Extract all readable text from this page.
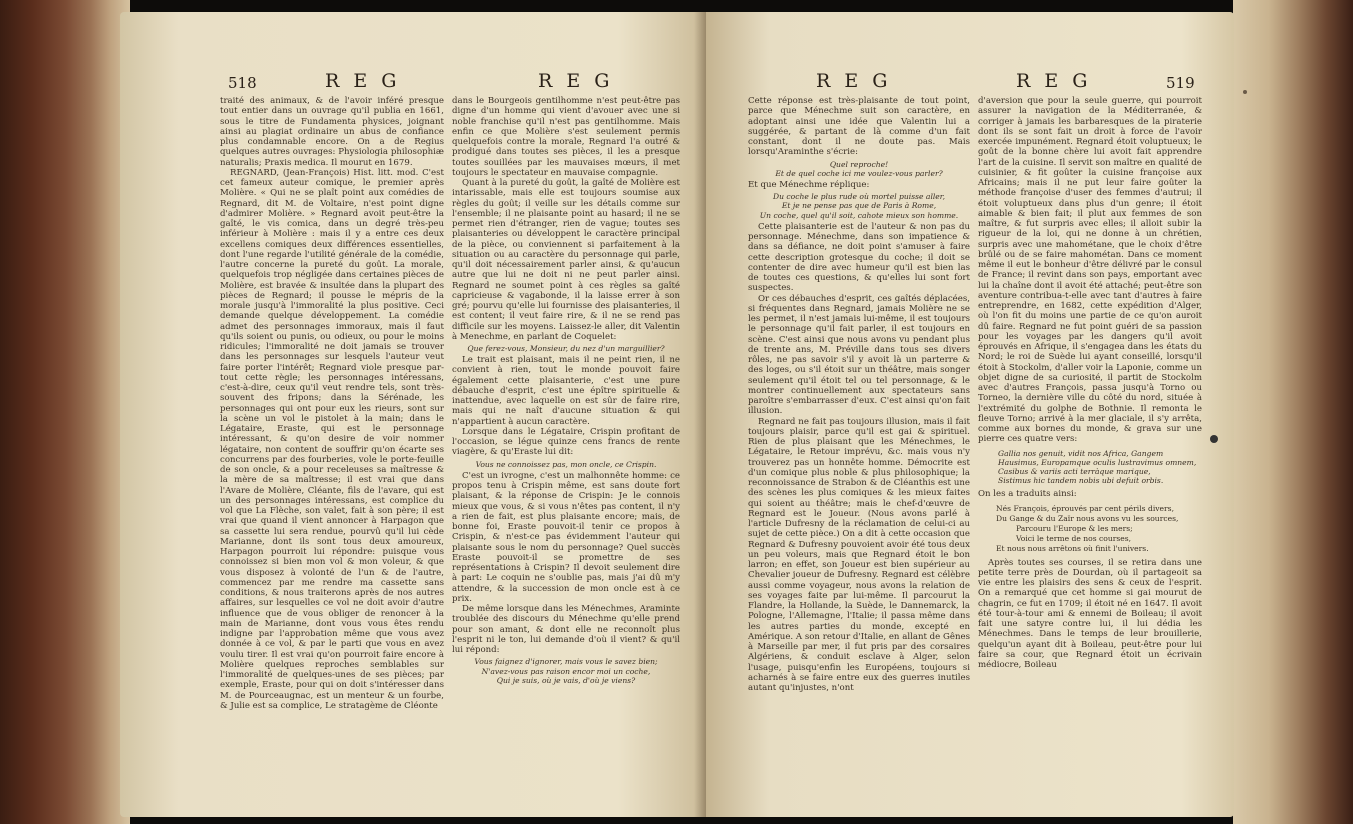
518	R E G	R E G

traité des animaux, & de l'avoir inféré presque tout entier dans un ouvrage qu'il publia en 1661, sous le titre de Fundamenta physices, joignant ainsi au plagiat ordinaire un abus de confiance plus condamnable encore. On a de Regius quelques autres ouvrages: Physiologia philosophiæ naturalis; Praxis medica. Il mourut en 1679.

REGNARD, (Jean-François) Hist. litt. mod. C'est cet fameux auteur comique, le premier après Molière. « Qui ne se plaît point aux comédies de Regnard, dit M. de Voltaire, n'est point digne d'admirer Molière. » Regnard avoit peut-être la gaîté, le vis comica, dans un degré très-peu inférieur à Molière : mais il y a entre ces deux excellens comiques deux différences essentielles, dont l'une regarde l'utilité générale de la comédie, l'autre concerne la pureté du goût. La morale, quelquefois trop négligée dans certaines pièces de Molière, est bravée & insultée dans la plupart des pièces de Regnard; il pousse le mépris de la morale jusqu'à l'immoralité la plus positive. Ceci demande quelque développement. La comédie admet des personnages immoraux, mais il faut qu'ils soient ou punis, ou odieux, ou pour le moins ridicules; l'immoralité ne doit jamais se trouver dans les personnages sur lesquels l'auteur veut faire porter l'intérêt; Regnard viole presque par-tout cette règle; les personnages intéressans, c'est-à-dire, ceux qu'il veut rendre tels, sont très-souvent des fripons; dans la Sérénade, les personnages qui ont pour eux les rieurs, sont sur la scène un vol le pistolet à la main; dans le Légataire, Eraste, qui est le personnage intéressant, & qu'on desire de voir nommer légataire, non content de souffrir qu'on écarte ses concurrens par des fourberies, vole le porte-feuille de son oncle, & a pour receleuses sa maîtresse & la mère de sa maîtresse; il est vrai que dans l'Avare de Molière, Cléante, fils de l'avare, qui est un des personnages intéressans, est complice du vol que La Flèche, son valet, fait à son père; il est vrai que quand il vient annoncer à Harpagon que sa cassette lui sera rendue, pourvû qu'il lui cède Marianne, dont ils sont tous deux amoureux, Harpagon pourroit lui répondre: puisque vous connoissez si bien mon vol & mon voleur, & que vous disposez à volonté de l'un & de l'autre, commencez par me rendre ma cassette sans conditions, & nous traiterons après de nos autres affaires, sur lesquelles ce vol ne doit avoir d'autre influence que de vous obliger de renoncer à la main de Marianne, dont vous vous êtes rendu indigne par l'approbation même que vous avez donnée à ce vol, & par le parti que vous en avez voulu tirer. Il est vrai qu'on pourroit faire encore à Molière quelques reproches semblables sur l'immoralité de quelques-unes de ses pièces; par exemple, Eraste, pour qui on doit s'intéresser dans M. de Pourceaugnac, est un menteur & un fourbe, & Julie est sa complice, Le stratagème de Cléonte

dans le Bourgeois gentilhomme n'est peut-être pas digne d'un homme qui vient d'avouer avec une si noble franchise qu'il n'est pas gentilhomme. Mais enfin ce que Molière s'est seulement permis quelquefois contre la morale, Regnard l'a outré & prodigué dans toutes ses pièces, il les a presque toutes souillées par les mauvaises mœurs, il met toujours le spectateur en mauvaise compagnie.

Quant à la pureté du goût, la gaîté de Molière est intarissable, mais elle est toujours soumise aux règles du goût; il veille sur les détails comme sur l'ensemble; il ne plaisante point au hasard; il ne se permet rien d'étranger, rien de vague; toutes ses plaisanteries ou développent le caractère principal de la pièce, ou conviennent si parfaitement à la situation ou au caractère du personnage qui parle, qu'il doit nécessairement parler ainsi, & qu'aucun autre que lui ne doit ni ne peut parler ainsi. Regnard ne soumet point à ces règles sa gaîté capricieuse & vagabonde, il la laisse errer à son gré; pourvu qu'elle lui fournisse des plaisanteries, il est content; il veut faire rire, & il ne se rend pas difficile sur les moyens. Laissez-le aller, dit Valentin à Menechme, en parlant de Coquelet:

Que ferez-vous, Monsieur, du nez d'un marguillier?

Le trait est plaisant, mais il ne peint rien, il ne convient à rien, tout le monde pouvoit faire également cette plaisanterie, c'est une pure débauche d'esprit, c'est une épître spirituelle & inattendue, avec laquelle on est sûr de faire rire, mais qui ne naît d'aucune situation & qui n'appartient à aucun caractère.

Lorsque dans le Légataire, Crispin profitant de l'occasion, se légue quinze cens francs de rente viagère, & qu'Eraste lui dit:

Vous ne connoissez pas, mon oncle, ce Crispin.

C'est un ivrogne, c'est un malhonnête homme: ce propos tenu à Crispin même, est sans doute fort plaisant, & la réponse de Crispin: Je le connois mieux que vous, & si vous n'êtes pas content, il n'y a rien de fait, est plus plaisante encore; mais, de bonne foi, Eraste pouvoit-il tenir ce propos à Crispin, & n'est-ce pas évidemment l'auteur qui plaisante sous le nom du personnage? Quel succès Eraste pouvoit-il se promettre de ses représentations à Crispin? Il devoit seulement dire à part: Le coquin ne s'oublie pas, mais j'ai dû m'y attendre, & la succession de mon oncle est à ce prix.

De même lorsque dans les Ménechmes, Araminte troublée des discours du Ménechme qu'elle prend pour son amant, & dont elle ne reconnoît plus l'esprit ni le ton, lui demande d'où il vient? & qu'il lui répond:

Vous faignez d'ignorer, mais vous le savez bien;
N'avez-vous pas raison encor moi un coche,
Qui je suis, où je vais, d'où je viens?
R E G	R E G	519

Cette réponse est très-plaisante de tout point, parce que Ménechme suit son caractère, en adoptant ainsi une idée que Valentin lui a suggérée, & partant de là comme d'un fait constant, dont il ne doute pas. Mais lorsqu'Araminthe s'écrie:

Quel reproche!
Et de quel coche ici me voulez-vous parler?

Et que Ménechme réplique:

Du coche le plus rude où mortel puisse aller,
Et je ne pense pas que de Paris à Rome,
Un coche, quel qu'il soit, cahote mieux son homme.

Cette plaisanterie est de l'auteur & non pas du personnage. Ménechme, dans son impatience & dans sa défiance, ne doit point s'amuser à faire cette description grotesque du coche; il doit se contenter de dire avec humeur qu'il est bien las de toutes ces questions, & qu'elles lui sont fort suspectes.

Or ces débauches d'esprit, ces gaîtés déplacées, si fréquentes dans Regnard, jamais Molière ne se les permet, il n'est jamais lui-même, il est toujours le personnage qu'il fait parler, il est toujours en scène. C'est ainsi que nous avons vu pendant plus de trente ans, M. Préville dans tous ses divers rôles, ne pas savoir s'il y avoit là un parterre & des loges, ou s'il étoit sur un théâtre, mais songer seulement qu'il étoit tel ou tel personnage, & le montrer continuellement aux spectateurs sans paroître s'embarrasser d'eux. C'est ainsi qu'on fait illusion.

Regnard ne fait pas toujours illusion, mais il fait toujours plaisir, parce qu'il est gai & spirituel. Rien de plus plaisant que les Ménechmes, le Légataire, le Retour imprévu, &c. mais vous n'y trouverez pas un honnête homme. Démocrite est d'un comique plus noble & plus philosophique; la reconnoissance de Strabon & de Cléanthis est une des scènes les plus comiques & les mieux faites qui soient au théâtre; mais le chef-d'œuvre de Regnard est le Joueur. (Nous avons parlé à l'article Dufresny de la réclamation de celui-ci au sujet de cette pièce.) On a dit à cette occasion que Regnard & Dufresny pouvoient avoir été tous deux un peu voleurs, mais que Regnard étoit le bon larron; en effet, son Joueur est bien supérieur au Chevalier joueur de Dufresny. Regnard est célèbre aussi comme voyageur, nous avons la relation de ses voyages faite par lui-même. Il parcourut la Flandre, la Hollande, la Suède, le Dannemarck, la Pologne, l'Allemagne, l'Italie; il passa même dans les autres parties du monde, excepté en Amérique. A son retour d'Italie, en allant de Gênes à Marseille par mer, il fut pris par des corsaires Algériens, & conduit esclave à Alger, selon l'usage, puisqu'enfin les Européens, toujours si acharnés à se faire entre eux des guerres inutiles autant qu'injustes, n'ont

d'aversion que pour la seule guerre, qui pourroit assurer la navigation de la Méditerranée, & corriger à jamais les barbaresques de la piraterie dont ils se sont fait un droit à force de l'avoir exercée impunément. Regnard étoit voluptueux; le goût de la bonne chère lui avoit fait apprendre l'art de la cuisine. Il servit son maître en qualité de cuisinier, & fit goûter la cuisine françoise aux Africains; mais il ne put leur faire goûter la méthode françoise d'user des femmes d'autrui; il étoit voluptueux dans plus d'un genre; il étoit aimable & bien fait; il plut aux femmes de son maître, & fut surpris avec elles; il alloit subir la rigueur de la loi, qui ne donne à un chrétien, surpris avec une mahométane, que le choix d'être brûlé ou de se faire mahométan. Dans ce moment même il eut le bonheur d'être délivré par le consul de France; il revint dans son pays, emportant avec lui la chaîne dont il avoit été attaché; peut-être son aventure contribua-t-elle avec tant d'autres à faire entreprendre, en 1682, cette expédition d'Alger, où l'on fit du moins une partie de ce qu'on auroit dû faire. Regnard ne fut point guéri de sa passion pour les voyages par les dangers qu'il avoit éprouvés en Afrique, il s'engagea dans les états du Nord; le roi de Suède lui ayant conseillé, lorsqu'il étoit à Stockolm, d'aller voir la Laponie, comme un objet digne de sa curiosité, il partit de Stockolm avec d'autres François, passa jusqu'à Torno ou Torneo, la dernière ville du côté du nord, située à l'extrémité du golphe de Bothnie. Il remonta le fleuve Torno; arrivé à la mer glaciale, il s'y arrêta, comme aux bornes du monde, & grava sur une pierre ces quatre vers:

Gallia nos genuit, vidit nos Africa, Gangem
Hausimus, Europamque oculis lustravimus omnem,
Casibus & variis acti terràque marique,
Sistimus hic tandem nobis ubi defuit orbis.

On les a traduits ainsi:

Nés François, éprouvés par cent périls divers,
Du Gange & du Zaïr nous avons vu les sources,
Parcouru l'Europe & les mers;
Voici le terme de nos courses,
Et nous nous arrêtons où finit l'univers.

Après toutes ses courses, il se retira dans une petite terre près de Dourdan, où il partageoit sa vie entre les plaisirs des sens & ceux de l'esprit. On a remarqué que cet homme si gai mourut de chagrin, ce fut en 1709; il étoit né en 1647. Il avoit été tour-à-tour ami & ennemi de Boileau; il avoit fait une satyre contre lui, il lui dédia les Ménechmes. Dans le temps de leur brouillerie, quelqu'un ayant dit à Boileau, peut-être pour lui faire sa cour, que Regnard étoit un écrivain médiocre, Boileau
